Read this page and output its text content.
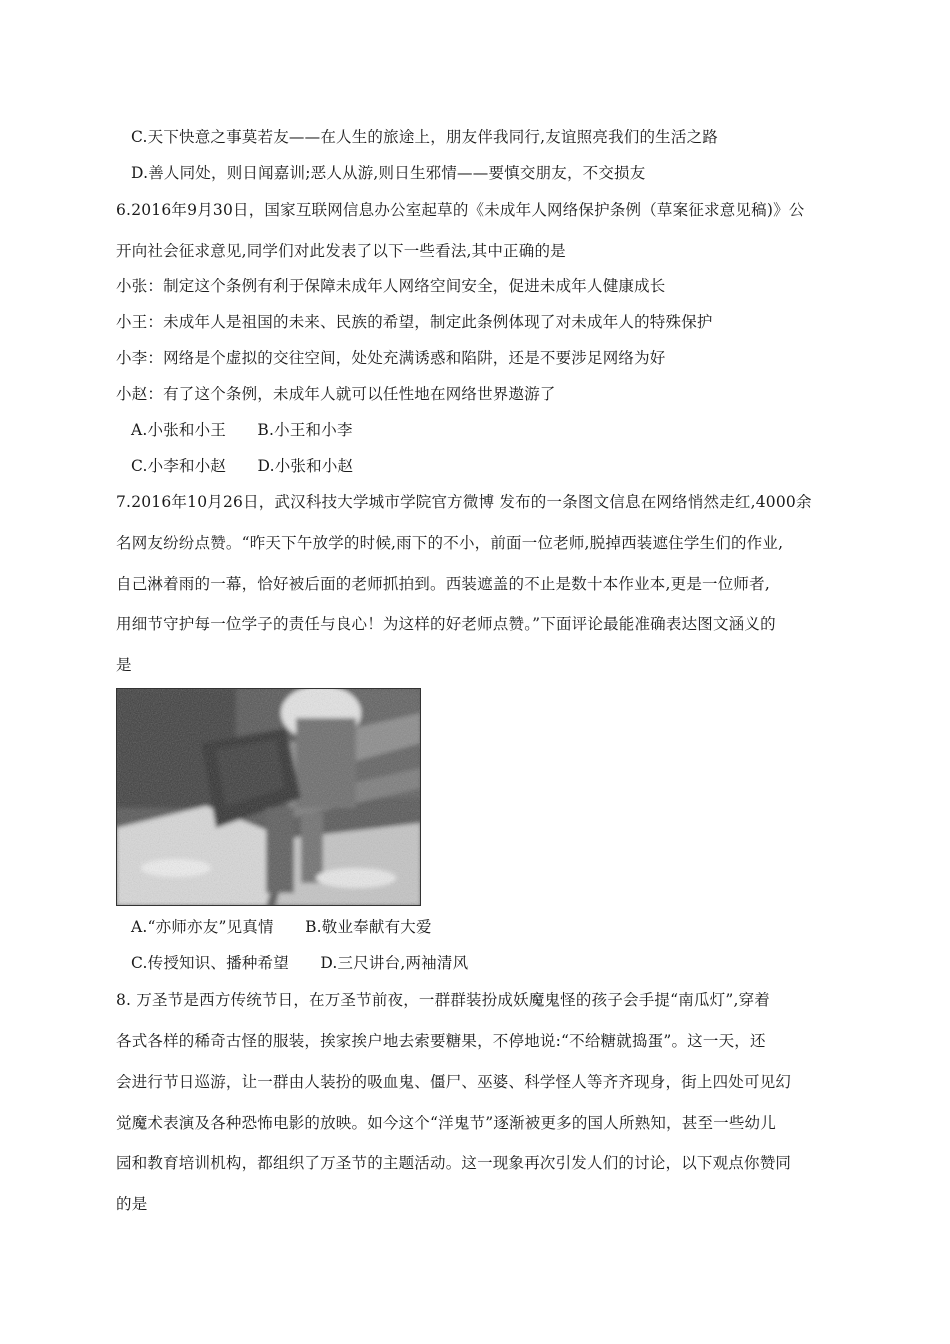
C.天下快意之事莫若友——在人生的旅途上，朋友伴我同行,友谊照亮我们的生活之路
D.善人同处，则日闻嘉训;恶人从游,则日生邪情——要慎交朋友，不交损友
6.2016年9月30日，国家互联网信息办公室起草的《未成年人网络保护条例（草案征求意见稿)》公
开向社会征求意见,同学们对此发表了以下一些看法,其中正确的是
小张：制定这个条例有利于保障未成年人网络空间安全，促进未成年人健康成长
小王：未成年人是祖国的未来、民族的希望，制定此条例体现了对未成年人的特殊保护
小李：网络是个虚拟的交往空间，处处充满诱惑和陷阱，还是不要涉足网络为好
小赵：有了这个条例，未成年人就可以任性地在网络世界遨游了
A.小张和小王　　B.小王和小李
C.小李和小赵　　D.小张和小赵
7.2016年10月26日，武汉科技大学城市学院官方微博 发布的一条图文信息在网络悄然走红,4000余
名网友纷纷点赞。“昨天下午放学的时候,雨下的不小，前面一位老师,脱掉西装遮住学生们的作业,
自己淋着雨的一幕，恰好被后面的老师抓拍到。西装遮盖的不止是数十本作业本,更是一位师者,
用细节守护每一位学子的责任与良心！为这样的好老师点赞。”下面评论最能准确表达图文涵义的
是
A.“亦师亦友”见真情　　B.敬业奉献有大爱
C.传授知识、播种希望　　D.三尺讲台,两袖清风
8. 万圣节是西方传统节日，在万圣节前夜，一群群装扮成妖魔鬼怪的孩子会手提“南瓜灯”,穿着
各式各样的稀奇古怪的服装，挨家挨户地去索要糖果，不停地说:“不给糖就捣蛋”。这一天，还
会进行节日巡游，让一群由人装扮的吸血鬼、僵尸、巫婆、科学怪人等齐齐现身，街上四处可见幻
觉魔术表演及各种恐怖电影的放映。如今这个“洋鬼节”逐渐被更多的国人所熟知，甚至一些幼儿
园和教育培训机构，都组织了万圣节的主题活动。这一现象再次引发人们的讨论，以下观点你赞同
的是
